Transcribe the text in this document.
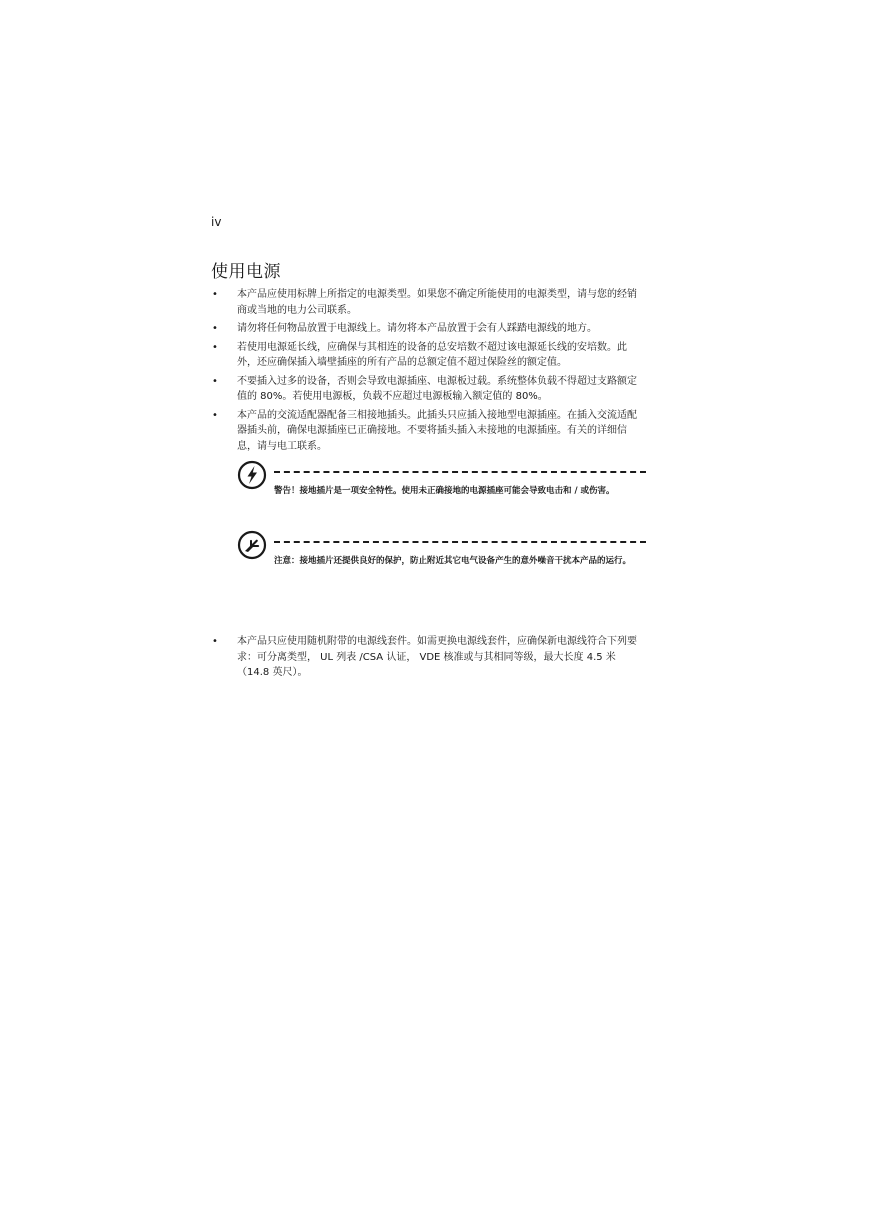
iv
使用电源
• 本产品应使用标牌上所指定的电源类型。如果您不确定所能使用的电源类型，请与您的经销商或当地的电力公司联系。
• 请勿将任何物品放置于电源线上。请勿将本产品放置于会有人踩踏电源线的地方。
• 若使用电源延长线，应确保与其相连的设备的总安培数不超过该电源延长线的安培数。此外，还应确保插入墙壁插座的所有产品的总额定值不超过保险丝的额定值。
• 不要插入过多的设备，否则会导致电源插座、电源板过载。系统整体负载不得超过支路额定值的 80%。若使用电源板，负载不应超过电源板输入额定值的 80%。
• 本产品的交流适配器配备三相接地插头。此插头只应插入接地型电源插座。在插入交流适配器插头前，确保电源插座已正确接地。不要将插头插入未接地的电源插座。有关的详细信息，请与电工联系。
警告！接地插片是一项安全特性。使用未正确接地的电源插座可能会导致电击和 / 或伤害。
注意：接地插片还提供良好的保护，防止附近其它电气设备产生的意外噪音干扰本产品的运行。
• 本产品只应使用随机附带的电源线套件。如需更换电源线套件，应确保新电源线符合下列要求：可分离类型， UL 列表 /CSA 认证， VDE 核准或与其相同等级，最大长度 4.5 米 （14.8 英尺）。
